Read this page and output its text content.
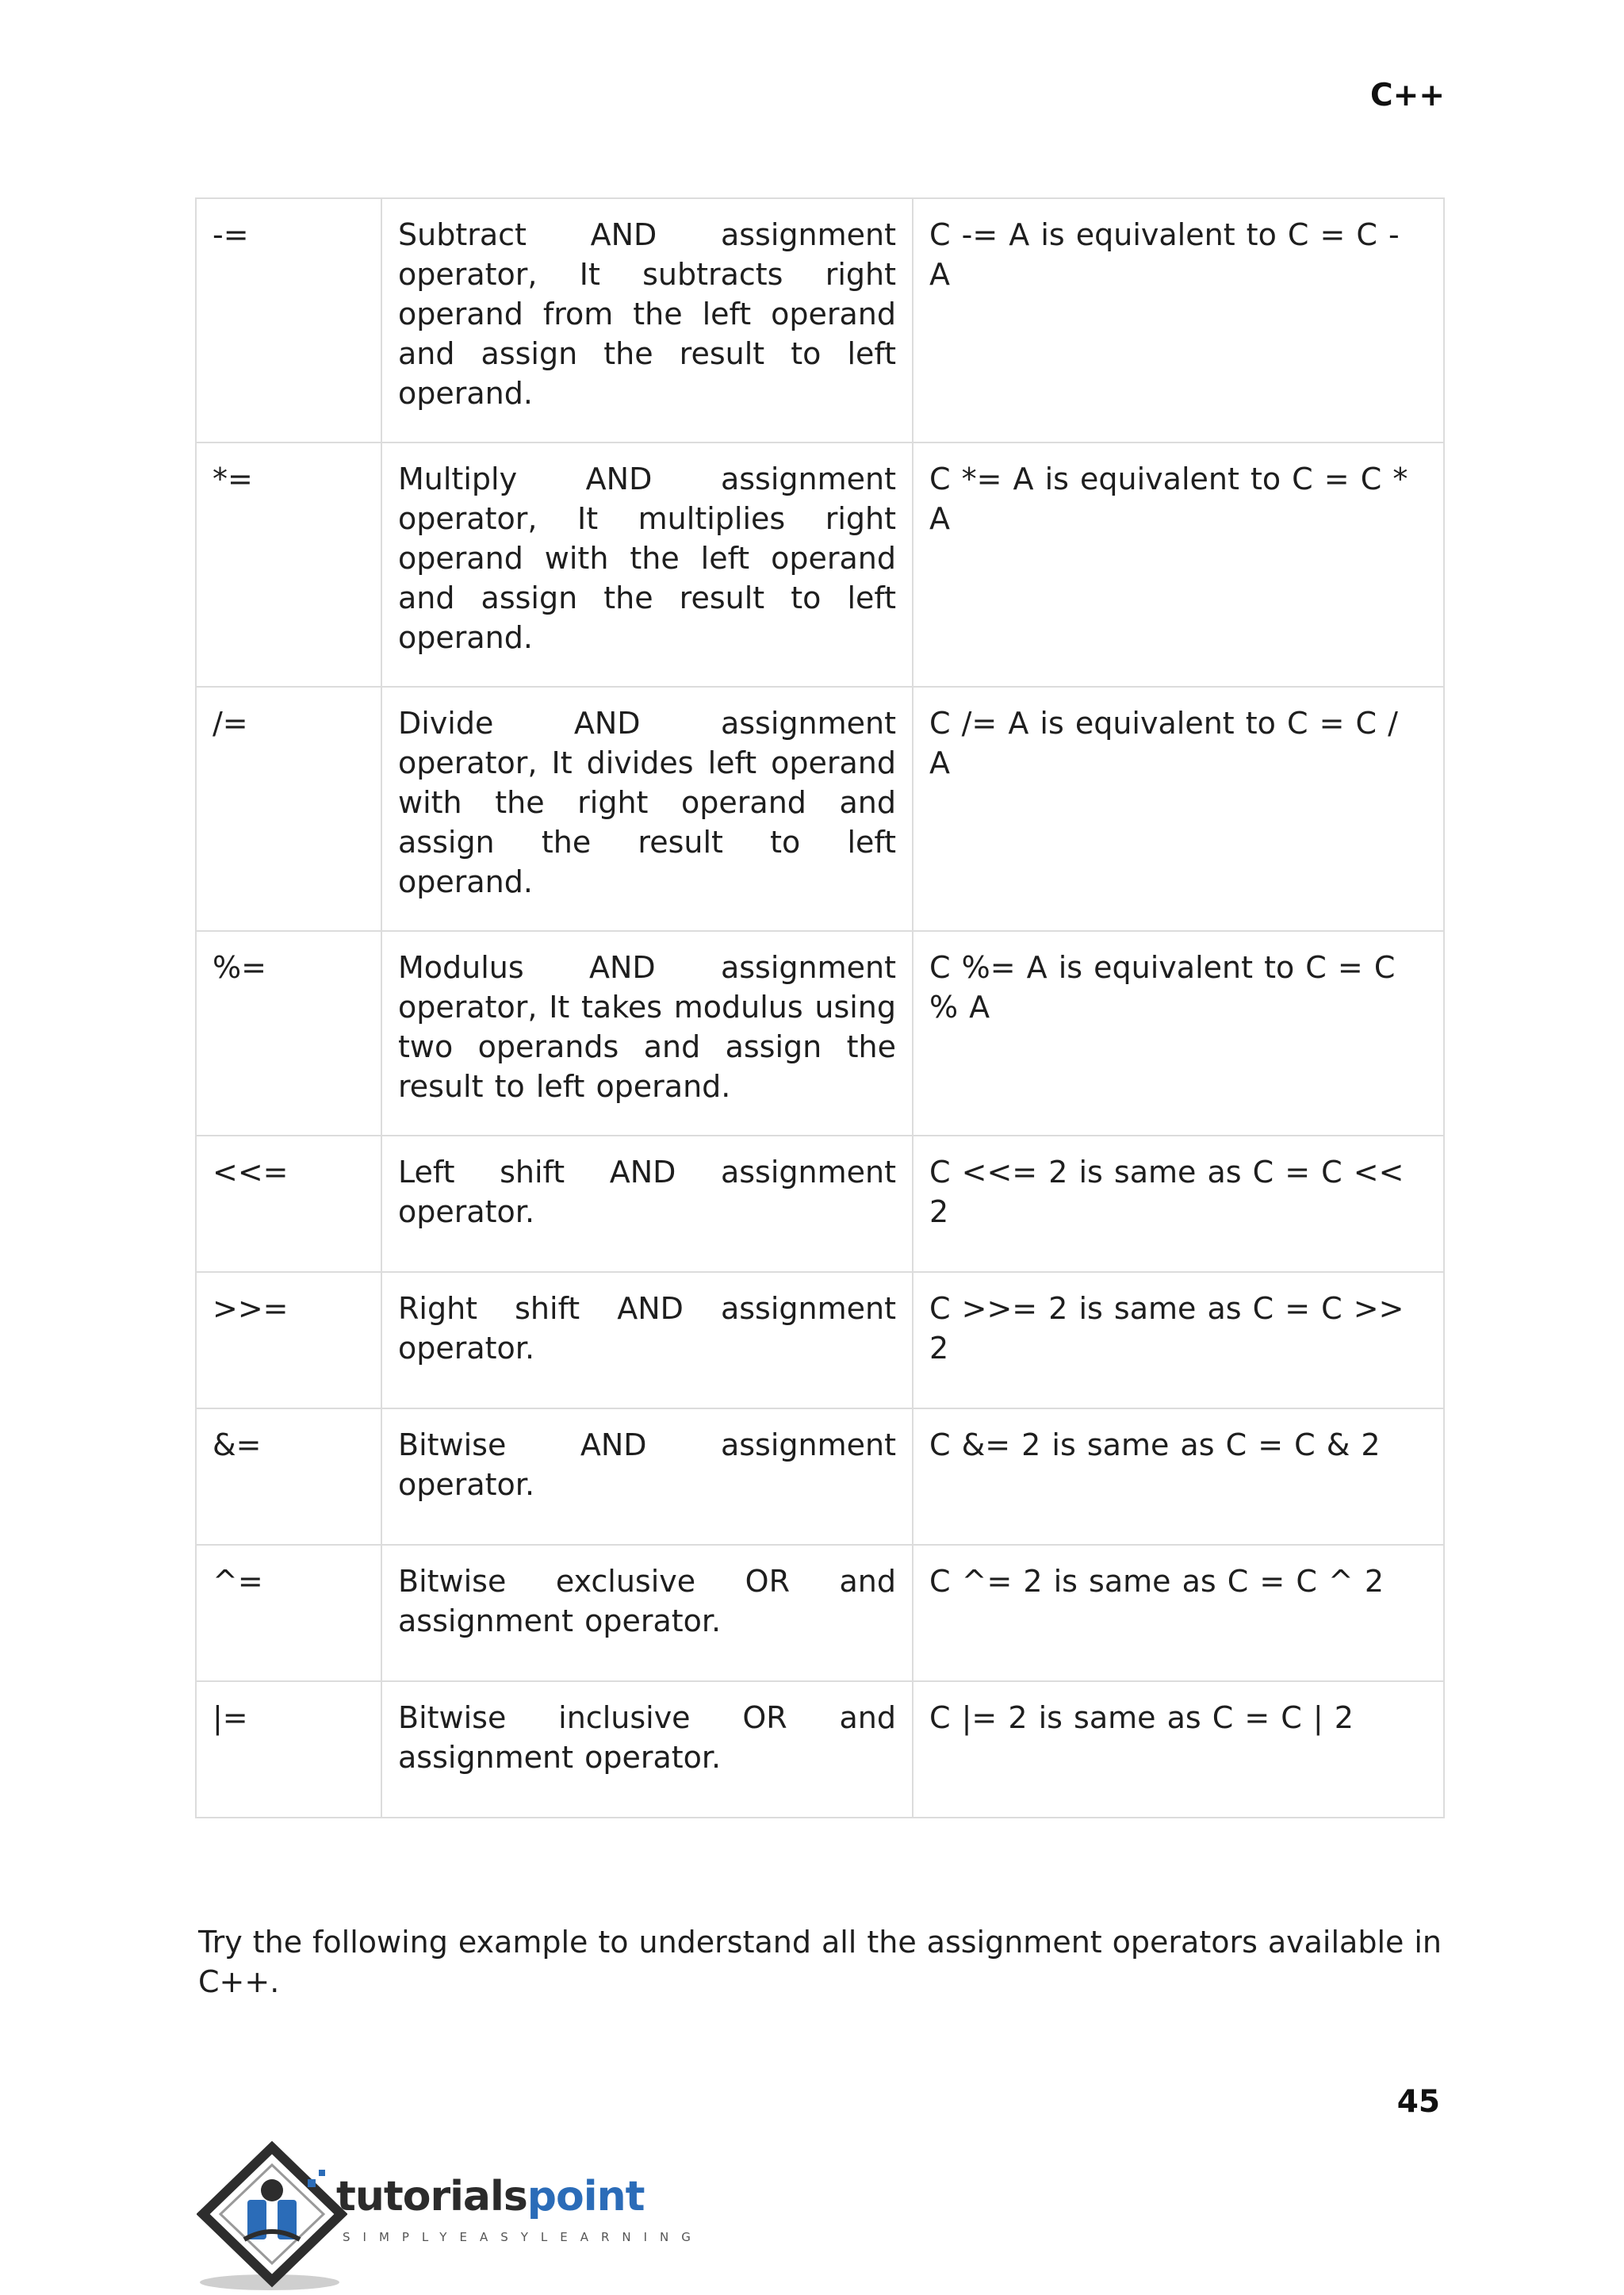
C++
-=	Subtract AND assignment operator, It subtracts right operand from the left operand and assign the result to left operand.	C -= A is equivalent to C = C - A
*=	Multiply AND assignment operator, It multiplies right operand with the left operand and assign the result to left operand.	C *= A is equivalent to C = C * A
/=	Divide AND assignment operator, It divides left operand with the right operand and assign the result to left operand.	C /= A is equivalent to C = C / A
%=	Modulus AND assignment operator, It takes modulus using two operands and assign the result to left operand.	C %= A is equivalent to C = C % A
<<=	Left shift AND assignment operator.	C <<= 2 is same as C = C << 2
>>=	Right shift AND assignment operator.	C >>= 2 is same as C = C >> 2
&=	Bitwise AND assignment operator.	C &= 2 is same as C = C & 2
^=	Bitwise exclusive OR and assignment operator.	C ^= 2 is same as C = C ^ 2
|=	Bitwise inclusive OR and assignment operator.	C |= 2 is same as C = C | 2
Try the following example to understand all the assignment operators available in C++.
45
tutorialspoint
SIMPLYEASYLEARNING
